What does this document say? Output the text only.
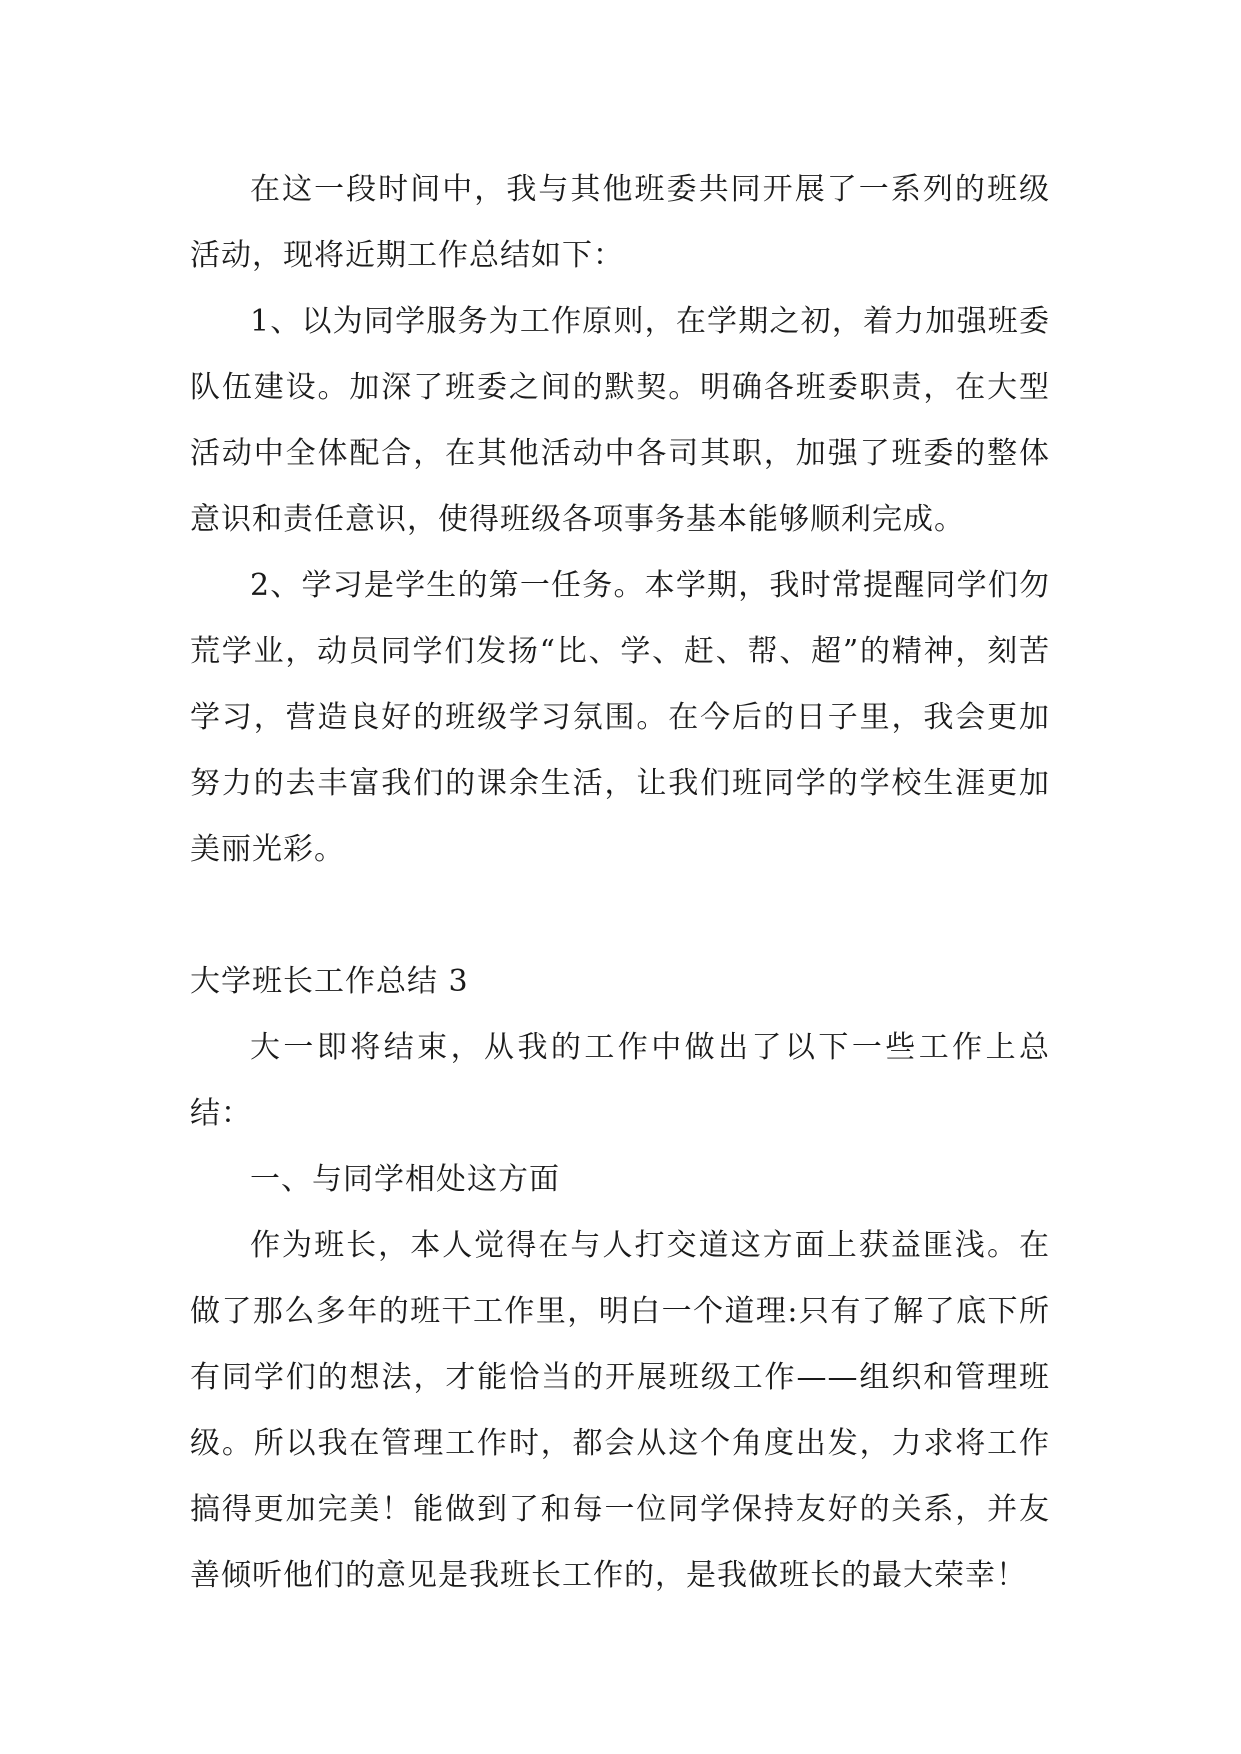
在这一段时间中，我与其他班委共同开展了一系列的班级活动，现将近期工作总结如下：

1、以为同学服务为工作原则，在学期之初，着力加强班委队伍建设。加深了班委之间的默契。明确各班委职责，在大型活动中全体配合，在其他活动中各司其职，加强了班委的整体意识和责任意识，使得班级各项事务基本能够顺利完成。

2、学习是学生的第一任务。本学期，我时常提醒同学们勿荒学业，动员同学们发扬“比、学、赶、帮、超”的精神，刻苦学习，营造良好的班级学习氛围。在今后的日子里，我会更加努力的去丰富我们的课余生活，让我们班同学的学校生涯更加美丽光彩。

大学班长工作总结 3

大一即将结束，从我的工作中做出了以下一些工作上总结：

一、与同学相处这方面

作为班长，本人觉得在与人打交道这方面上获益匪浅。在做了那么多年的班干工作里，明白一个道理:只有了解了底下所有同学们的想法，才能恰当的开展班级工作——组织和管理班级。所以我在管理工作时，都会从这个角度出发，力求将工作搞得更加完美！能做到了和每一位同学保持友好的关系，并友善倾听他们的意见是我班长工作的，是我做班长的最大荣幸！
